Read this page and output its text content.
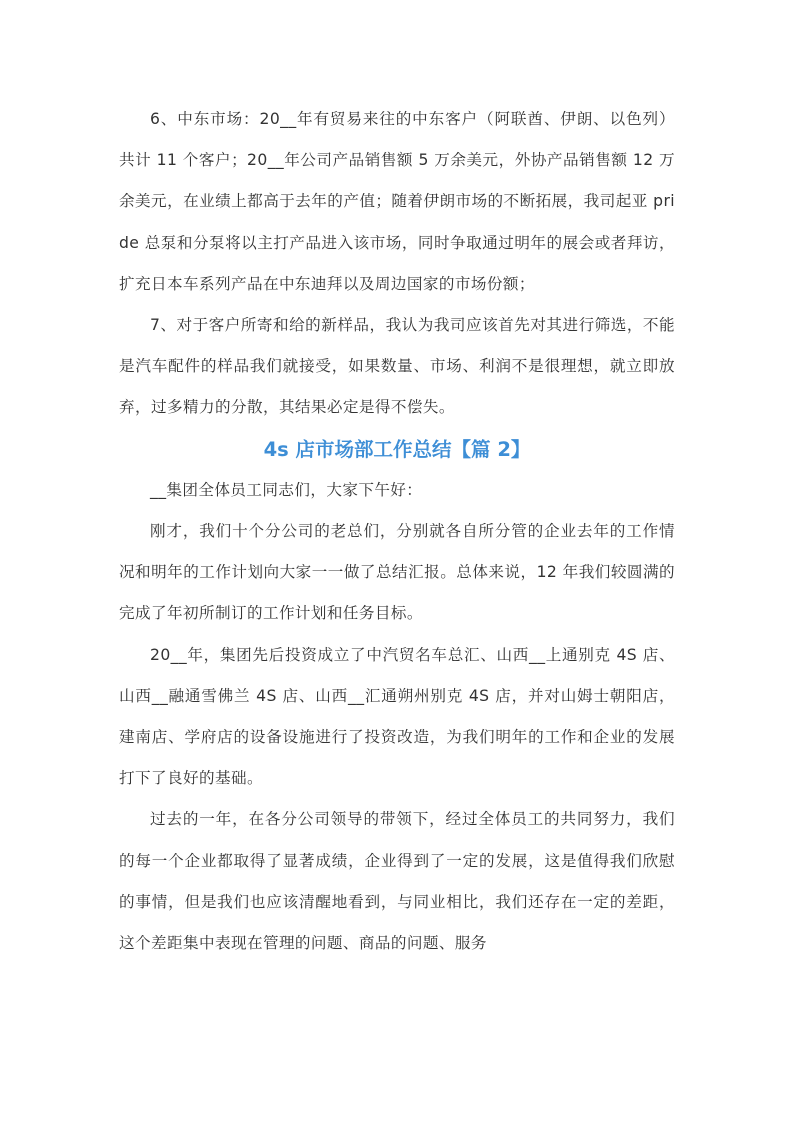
6、中东市场：20__年有贸易来往的中东客户（阿联酋、伊朗、以色列）共计 11 个客户；20__年公司产品销售额 5 万余美元，外协产品销售额 12 万余美元，在业绩上都高于去年的产值；随着伊朗市场的不断拓展，我司起亚 pride 总泵和分泵将以主打产品进入该市场，同时争取通过明年的展会或者拜访，扩充日本车系列产品在中东迪拜以及周边国家的市场份额；

7、对于客户所寄和给的新样品，我认为我司应该首先对其进行筛选，不能是汽车配件的样品我们就接受，如果数量、市场、利润不是很理想，就立即放弃，过多精力的分散，其结果必定是得不偿失。

4s 店市场部工作总结【篇 2】

__集团全体员工同志们，大家下午好：

刚才，我们十个分公司的老总们，分别就各自所分管的企业去年的工作情况和明年的工作计划向大家一一做了总结汇报。总体来说，12 年我们较圆满的完成了年初所制订的工作计划和任务目标。

20__年，集团先后投资成立了中汽贸名车总汇、山西__上通别克 4S 店、山西__融通雪佛兰 4S 店、山西__汇通朔州别克 4S 店，并对山姆士朝阳店，建南店、学府店的设备设施进行了投资改造，为我们明年的工作和企业的发展打下了良好的基础。

过去的一年，在各分公司领导的带领下，经过全体员工的共同努力，我们的每一个企业都取得了显著成绩，企业得到了一定的发展，这是值得我们欣慰的事情，但是我们也应该清醒地看到，与同业相比，我们还存在一定的差距，这个差距集中表现在管理的问题、商品的问题、服务
